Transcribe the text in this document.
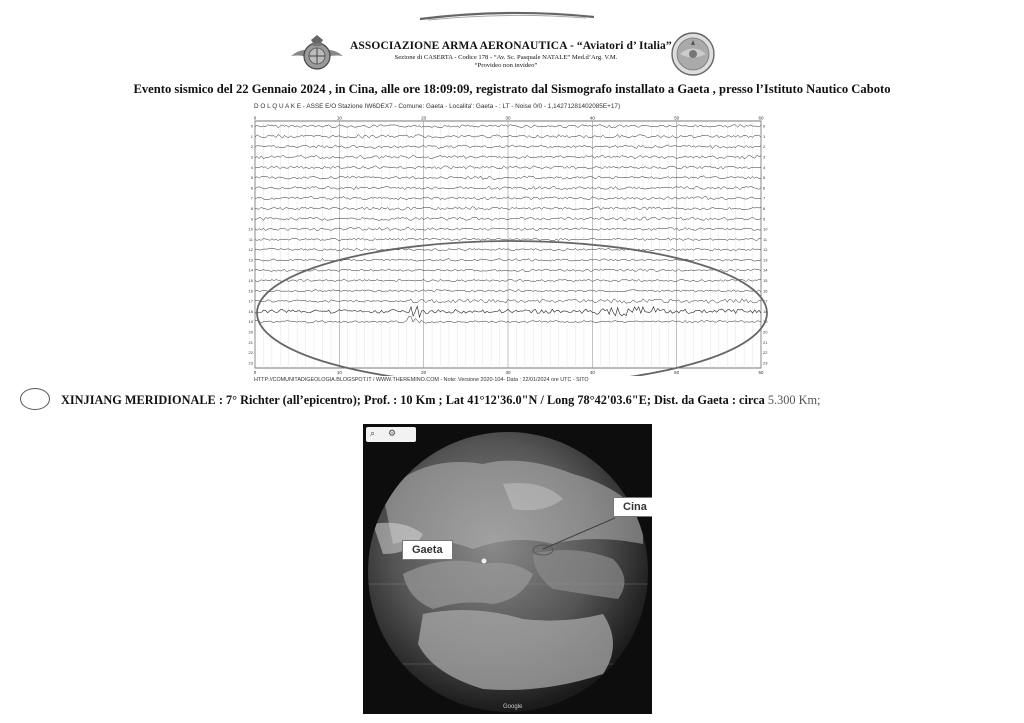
ASSOCIAZIONE ARMA AERONAUTICA - “Aviatori d’ Italia”
Sezione di CASERTA - Codice 178 - “Av. Sc. Pasquale NATALE” Med.d’Arg. V.M.
“Provideo non invideo”
Evento sismico del 22 Gennaio 2024 , in Cina, alle ore 18:09:09, registrato dal Sismografo installato a Gaeta , presso l’Istituto Nautico Caboto
D O L Q U A K E - ASSE E/O Stazione IW6DEX7 - Comune: Gaeta - Localita': Gaeta - : LT - Noise 0/0 - 1,14271281402085E+17)
0
0
10
10
20
20
30
30
40
40
50
50
60
60
0	0
1	1
2	2
3	3
4	4
5	5
6	6
7	7
8	8
9	9
10	10
11	11
12	12
13	13
14	14
15	15
16	16
17	17
18	18
19	19
20	20
21	21
22	22
23	23
HTTP://COMUNITADIGEOLOGIA.BLOGSPOT.IT / WWW.THEREMINO.COM - Note: Versione 2020-104- Data : 22/01/2024 ore UTC - SITO
XINJIANG MERIDIONALE : 7° Richter (all’epicentro); Prof. : 10 Km ; Lat 41°12'36.0"N / Long 78°42'03.6"E; Dist. da Gaeta : circa 5.300 Km;
⌕ ⚙
Gaeta
Cina
Google
